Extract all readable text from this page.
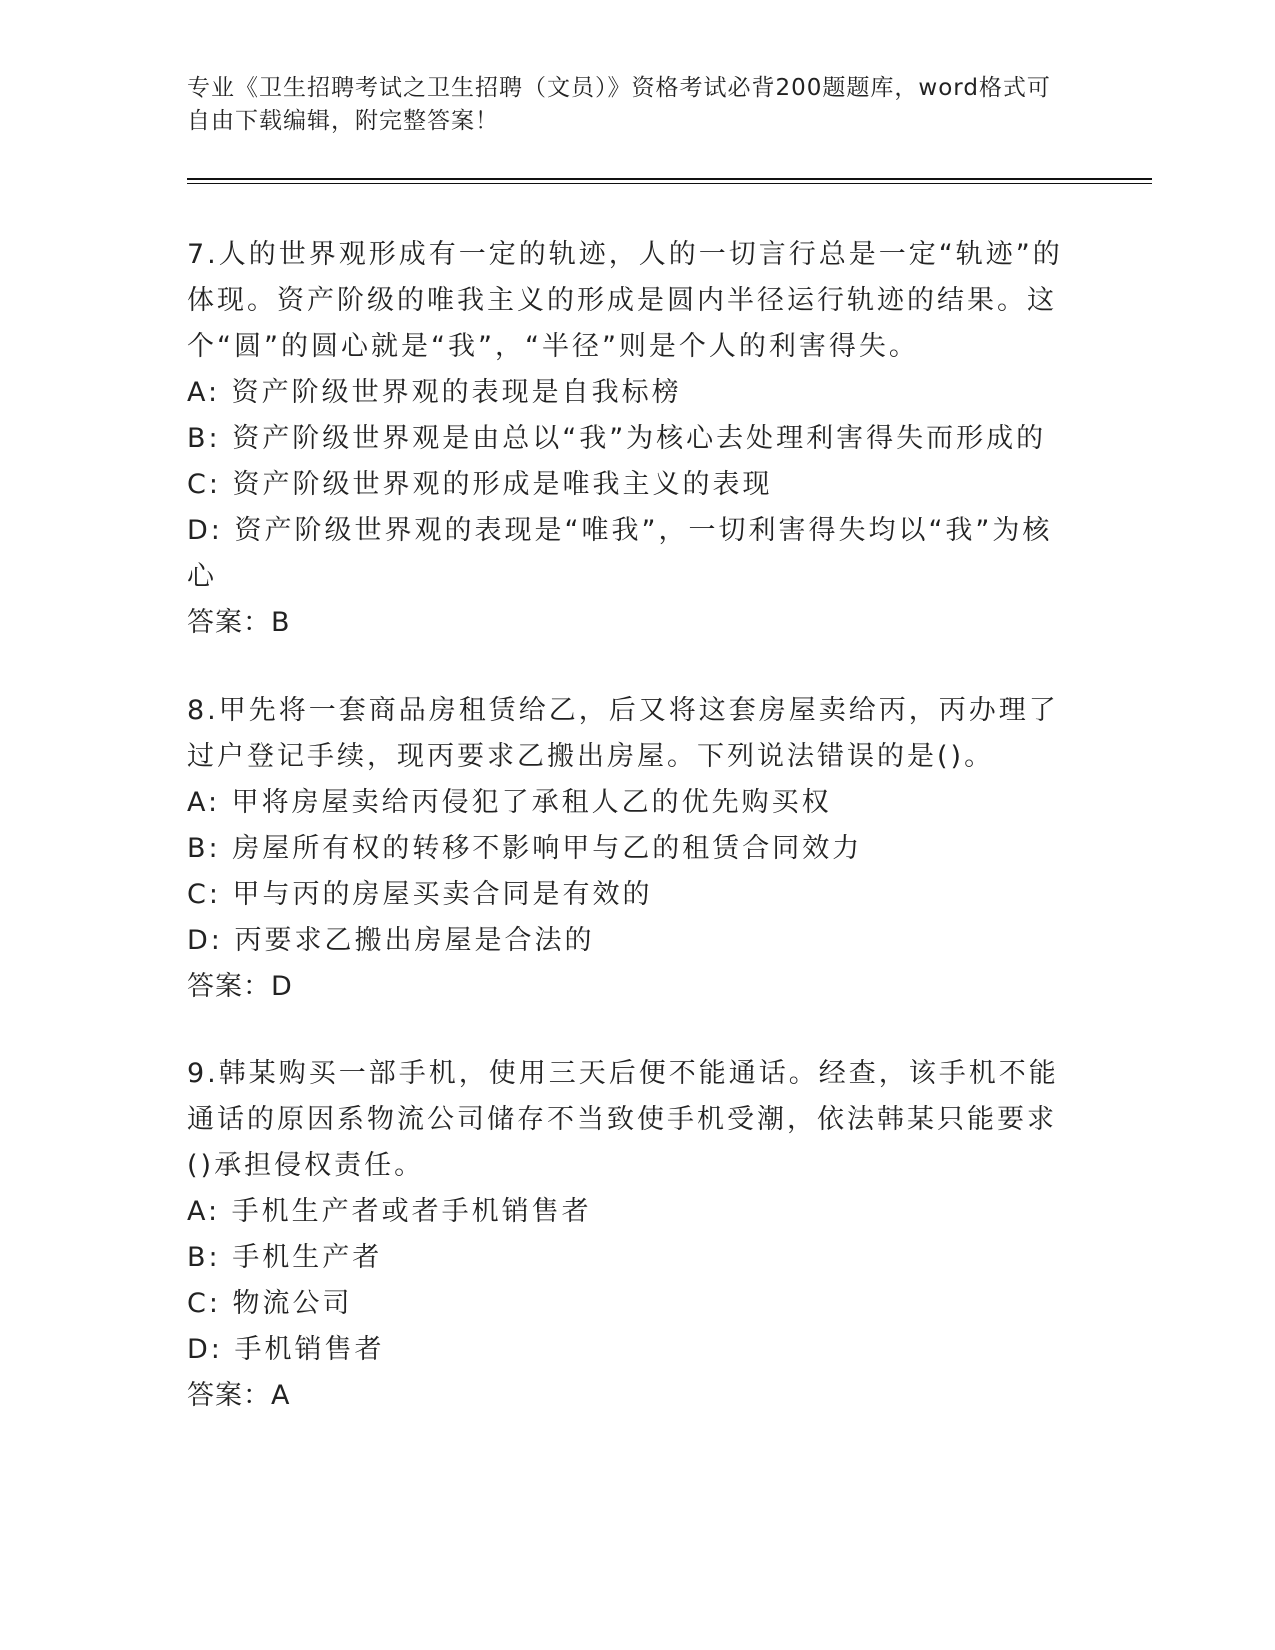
专业《卫生招聘考试之卫生招聘（文员）》资格考试必背200题题库，word格式可自由下载编辑，附完整答案！

7.人的世界观形成有一定的轨迹，人的一切言行总是一定“轨迹”的体现。资产阶级的唯我主义的形成是圆内半径运行轨迹的结果。这个“圆”的圆心就是“我”，“半径”则是个人的利害得失。

A: 资产阶级世界观的表现是自我标榜

B: 资产阶级世界观是由总以“我”为核心去处理利害得失而形成的

C: 资产阶级世界观的形成是唯我主义的表现

D: 资产阶级世界观的表现是“唯我”，一切利害得失均以“我”为核心

答案：B

8.甲先将一套商品房租赁给乙，后又将这套房屋卖给丙，丙办理了过户登记手续，现丙要求乙搬出房屋。下列说法错误的是()。

A: 甲将房屋卖给丙侵犯了承租人乙的优先购买权

B: 房屋所有权的转移不影响甲与乙的租赁合同效力

C: 甲与丙的房屋买卖合同是有效的

D: 丙要求乙搬出房屋是合法的

答案：D

9.韩某购买一部手机，使用三天后便不能通话。经查，该手机不能通话的原因系物流公司储存不当致使手机受潮，依法韩某只能要求()承担侵权责任。

A: 手机生产者或者手机销售者

B: 手机生产者

C: 物流公司

D: 手机销售者

答案：A
